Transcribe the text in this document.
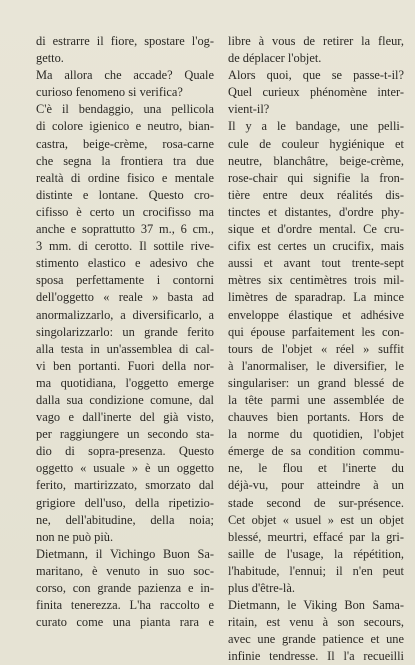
di estrarre il fiore, spostare l'og-
getto.
Ma allora che accade? Quale
curioso fenomeno si verifica?
C'è il bendaggio, una pellicola
di colore igienico e neutro, bian-
castra, beige-crème, rosa-carne
che segna la frontiera tra due
realtà di ordine fisico e mentale
distinte e lontane. Questo cro-
cifisso è certo un crocifisso ma
anche e soprattutto 37 m., 6 cm.,
3 mm. di cerotto. Il sottile rive-
stimento elastico e adesivo che
sposa perfettamente i contorni
dell'oggetto « reale » basta ad
anormalizzarlo, a diversificarlo, a
singolarizzarlo: un grande ferito
alla testa in un'assemblea di cal-
vi ben portanti. Fuori della nor-
ma quotidiana, l'oggetto emerge
dalla sua condizione comune, dal
vago e dall'inerte del già visto,
per raggiungere un secondo sta-
dio di sopra-presenza. Questo
oggetto « usuale » è un oggetto
ferito, martirizzato, smorzato dal
grigiore dell'uso, della ripetizio-
ne, dell'abitudine, della noia;
non ne può più.
Dietmann, il Vichingo Buon Sa-
maritano, è venuto in suo soc-
corso, con grande pazienza e in-
finita tenerezza. L'ha raccolto e
curato come una pianta rara e
libre à vous de retirer la fleur,
de déplacer l'objet.
Alors quoi, que se passe-t-il?
Quel curieux phénomène inter-
vient-il?
Il y a le bandage, une pelli-
cule de couleur hygiénique et
neutre, blanchâtre, beige-crème,
rose-chair qui signifie la fron-
tière entre deux réalités dis-
tinctes et distantes, d'ordre phy-
sique et d'ordre mental. Ce cru-
cifix est certes un crucifix, mais
aussi et avant tout trente-sept
mètres six centimètres trois mil-
limètres de sparadrap. La mince
enveloppe élastique et adhésive
qui épouse parfaitement les con-
tours de l'objet « réel » suffit
à l'anormaliser, le diversifier, le
singulariser: un grand blessé de
la tête parmi une assemblée de
chauves bien portants. Hors de
la norme du quotidien, l'objet
émerge de sa condition commu-
ne, le flou et l'inerte du
déjà-vu, pour atteindre à un
stade second de sur-présence.
Cet objet « usuel » est un objet
blessé, meurtri, effacé par la gri-
saille de l'usage, la répétition,
l'habitude, l'ennui; il n'en peut
plus d'être-là.
Dietmann, le Viking Bon Sama-
ritain, est venu à son secours,
avec une grande patience et une
infinie tendresse. Il l'a recueilli
